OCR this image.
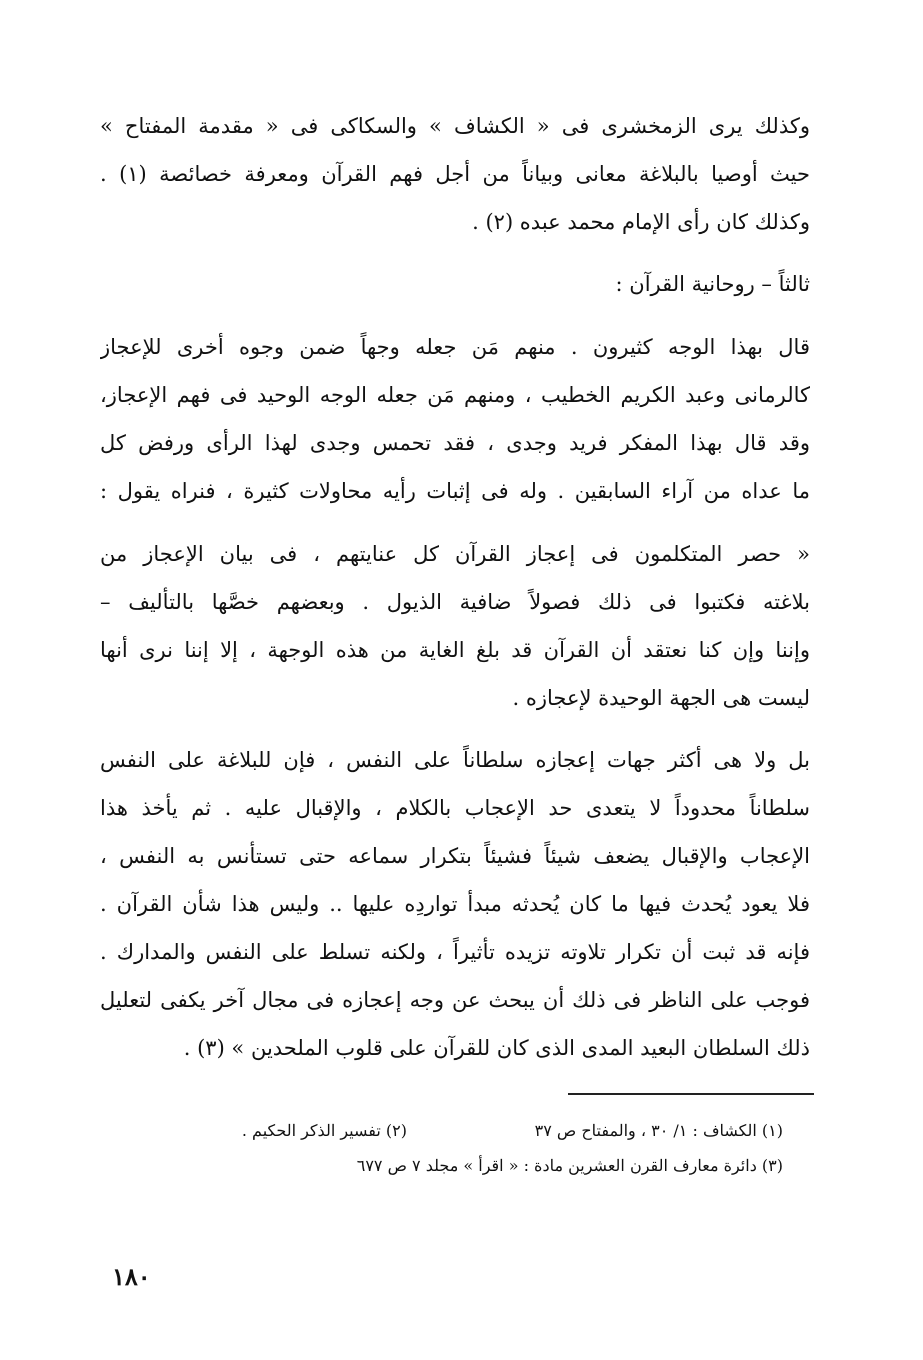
وكذلك يرى الزمخشرى فى « الكشاف » والسكاكى فى « مقدمة المفتاح »
حيث أوصيا بالبلاغة معانى وبياناً من أجل فهم القرآن ومعرفة خصائصة (١) .
وكذلك كان رأى الإمام محمد عبده (٢) .
ثالثاً – روحانية القرآن :
قال بهذا الوجه كثيرون . منهم مَن جعله وجهاً ضمن وجوه أخرى للإعجاز
كالرمانى وعبد الكريم الخطيب ، ومنهم مَن جعله الوجه الوحيد فى فهم الإعجاز،
وقد قال بهذا المفكر فريد وجدى ، فقد تحمس وجدى لهذا الرأى ورفض كل
ما عداه من آراء السابقين . وله فى إثبات رأيه محاولات كثيرة ، فنراه يقول :
« حصر المتكلمون فى إعجاز القرآن كل عنايتهم ، فى بيان الإعجاز من
بلاغته فكتبوا فى ذلك فصولاً ضافية الذيول . وبعضهم خصَّها بالتأليف –
وإننا وإن كنا نعتقد أن القرآن قد بلغ الغاية من هذه الوجهة ، إلا إننا نرى أنها
ليست هى الجهة الوحيدة لإعجازه .
بل ولا هى أكثر جهات إعجازه سلطاناً على النفس ، فإن للبلاغة على النفس
سلطاناً محدوداً لا يتعدى حد الإعجاب بالكلام ، والإقبال عليه . ثم يأخذ هذا
الإعجاب والإقبال يضعف شيئاً فشيئاً بتكرار سماعه حتى تستأنس به النفس ،
فلا يعود يُحدث فيها ما كان يُحدثه مبدأ تواردِه عليها .. وليس هذا شأن القرآن .
فإنه قد ثبت أن تكرار تلاوته تزيده تأثيراً ، ولكنه تسلط على النفس والمدارك .
فوجب على الناظر فى ذلك أن يبحث عن وجه إعجازه فى مجال آخر يكفى لتعليل
ذلك السلطان البعيد المدى الذى كان للقرآن على قلوب الملحدين » (٣) .
(١) الكشاف : ١/ ٣٠ ، والمفتاح ص ٣٧
(٢) تفسير الذكر الحكيم .
(٣) دائرة معارف القرن العشرين مادة : « اقرأ » مجلد ٧ ص ٦٧٧
١٨٠
